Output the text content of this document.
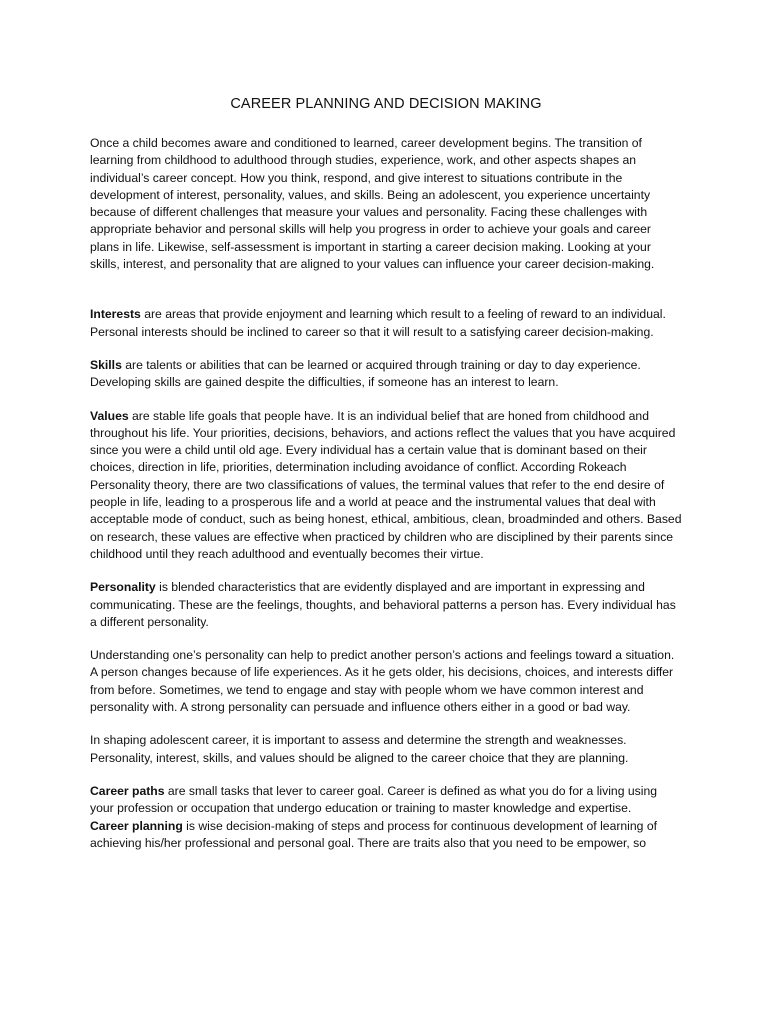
CAREER PLANNING AND DECISION MAKING

Once a child becomes aware and conditioned to learned, career development begins. The transition of learning from childhood to adulthood through studies, experience, work, and other aspects shapes an individual’s career concept. How you think, respond, and give interest to situations contribute in the development of interest, personality, values, and skills. Being an adolescent, you experience uncertainty because of different challenges that measure your values and personality. Facing these challenges with appropriate behavior and personal skills will help you progress in order to achieve your goals and career plans in life. Likewise, self-assessment is important in starting a career decision making. Looking at your skills, interest, and personality that are aligned to your values can influence your career decision-making.

Interests are areas that provide enjoyment and learning which result to a feeling of reward to an individual. Personal interests should be inclined to career so that it will result to a satisfying career decision-making.

Skills are talents or abilities that can be learned or acquired through training or day to day experience. Developing skills are gained despite the difficulties, if someone has an interest to learn.

Values are stable life goals that people have. It is an individual belief that are honed from childhood and throughout his life. Your priorities, decisions, behaviors, and actions reflect the values that you have acquired since you were a child until old age. Every individual has a certain value that is dominant based on their choices, direction in life, priorities, determination including avoidance of conflict. According Rokeach Personality theory, there are two classifications of values, the terminal values that refer to the end desire of people in life, leading to a prosperous life and a world at peace and the instrumental values that deal with acceptable mode of conduct, such as being honest, ethical, ambitious, clean, broadminded and others. Based on research, these values are effective when practiced by children who are disciplined by their parents since childhood until they reach adulthood and eventually becomes their virtue.

Personality is blended characteristics that are evidently displayed and are important in expressing and communicating. These are the feelings, thoughts, and behavioral patterns a person has. Every individual has a different personality.

Understanding one’s personality can help to predict another person’s actions and feelings toward a situation. A person changes because of life experiences. As it he gets older, his decisions, choices, and interests differ from before. Sometimes, we tend to engage and stay with people whom we have common interest and personality with. A strong personality can persuade and influence others either in a good or bad way.

In shaping adolescent career, it is important to assess and determine the strength and weaknesses. Personality, interest, skills, and values should be aligned to the career choice that they are planning.

Career paths are small tasks that lever to career goal. Career is defined as what you do for a living using your profession or occupation that undergo education or training to master knowledge and expertise.

Career planning is wise decision-making of steps and process for continuous development of learning of achieving his/her professional and personal goal. There are traits also that you need to be empower, so
